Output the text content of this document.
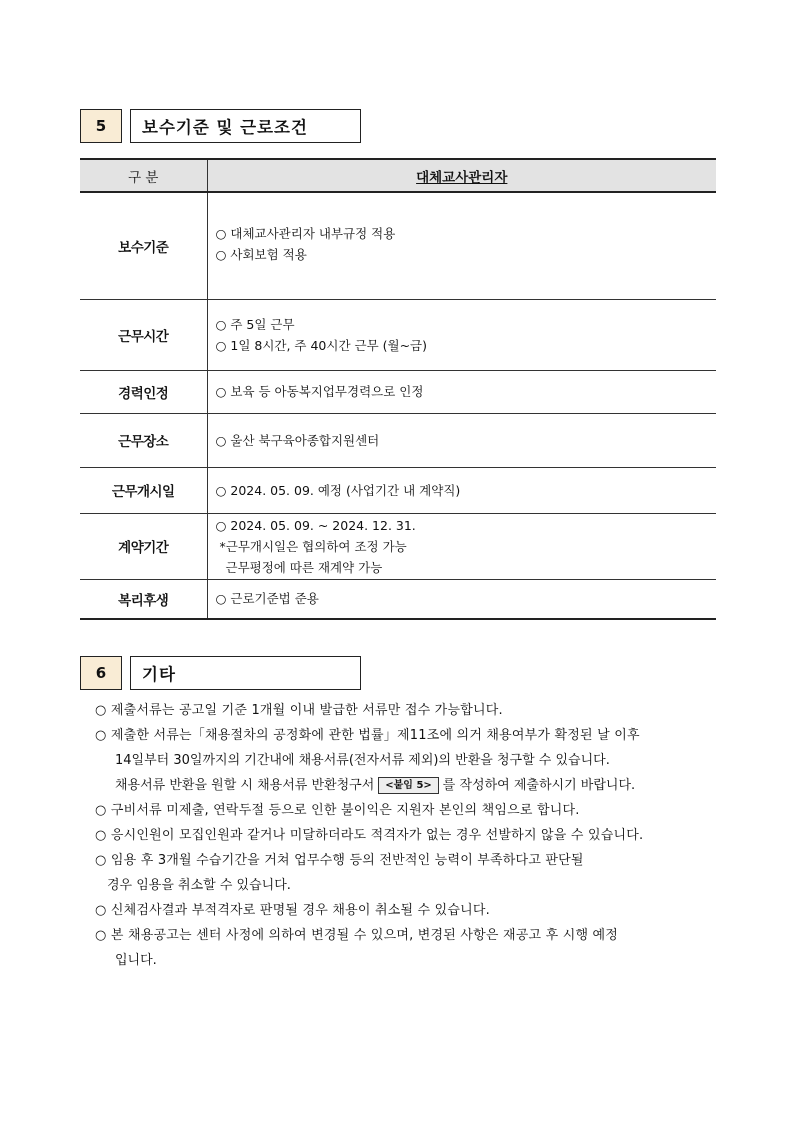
5	보수기준 및 근로조건
구 분	대체교사관리자
보수기준	○ 대체교사관리자 내부규정 적용
○ 사회보험 적용

근무시간	○ 주 5일 근무
○ 1일 8시간, 주 40시간 근무 (월~금)

경력인정	○ 보육 등 아동복지업무경력으로 인정

근무장소	○ 울산 북구육아종합지원센터

근무개시일	○ 2024. 05. 09. 예정 (사업기간 내 계약직)

계약기간	○ 2024. 05. 09. ~ 2024. 12. 31.
*근무개시일은 협의하여 조정 가능
근무평정에 따른 재계약 가능

복리후생	○ 근로기준법 준용
6	기타
○ 제출서류는 공고일 기준 1개월 이내 발급한 서류만 접수 가능합니다.
○ 제출한 서류는「채용절차의 공정화에 관한 법률」제11조에 의거 채용여부가 확정된 날 이후
14일부터 30일까지의 기간내에 채용서류(전자서류 제외)의 반환을 청구할 수 있습니다.
채용서류 반환을 원할 시 채용서류 반환청구서 <붙임 5> 를 작성하여 제출하시기 바랍니다.
○ 구비서류 미제출, 연락두절 등으로 인한 불이익은 지원자 본인의 책임으로 합니다.
○ 응시인원이 모집인원과 같거나 미달하더라도 적격자가 없는 경우 선발하지 않을 수 있습니다.
○ 임용 후 3개월 수습기간을 거쳐 업무수행 등의 전반적인 능력이 부족하다고 판단될
경우 임용을 취소할 수 있습니다.
○ 신체검사결과 부적격자로 판명될 경우 채용이 취소될 수 있습니다.
○ 본 채용공고는 센터 사정에 의하여 변경될 수 있으며, 변경된 사항은 재공고 후 시행 예정
입니다.
